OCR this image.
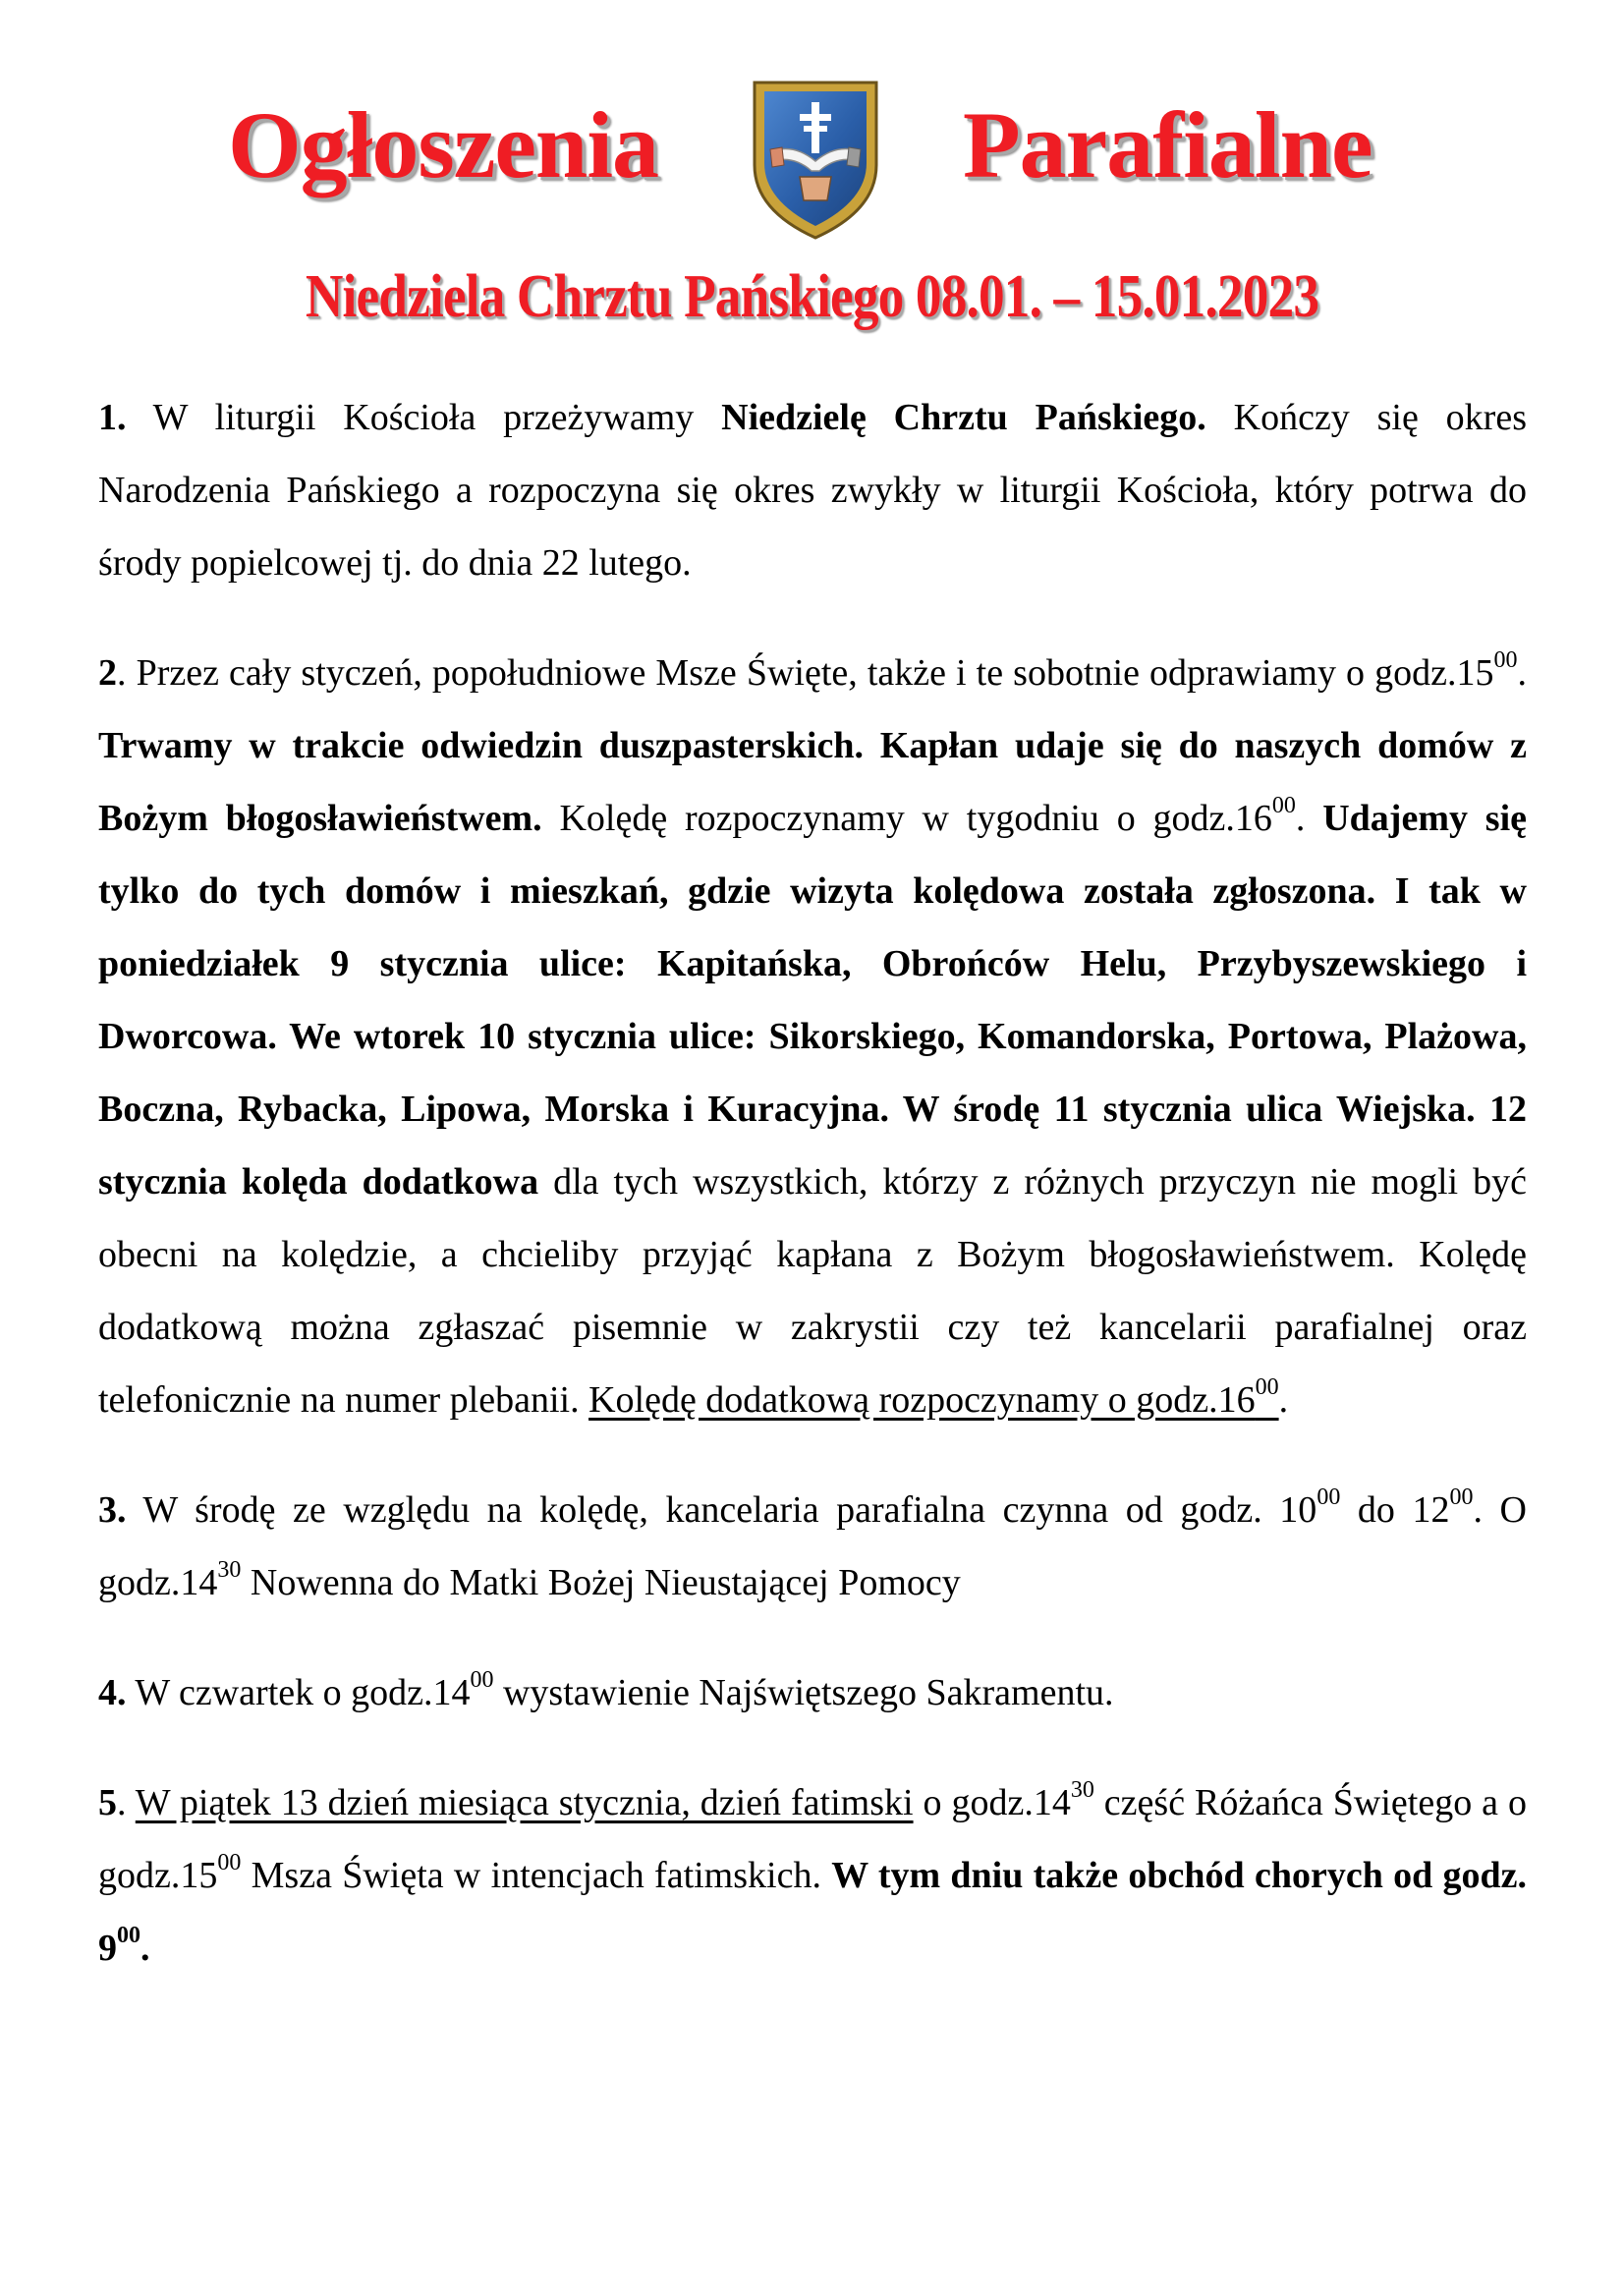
Ogłoszenia	Parafialne
Niedziela Chrztu Pańskiego 08.01. – 15.01.2023

1. W liturgii Kościoła przeżywamy Niedzielę Chrztu Pańskiego. Kończy się okres Narodzenia Pańskiego a rozpoczyna się okres zwykły w liturgii Kościoła, który potrwa do środy popielcowej tj. do dnia 22 lutego.

2. Przez cały styczeń, popołudniowe Msze Święte, także i te sobotnie odprawiamy o $godz.15^{00}$. Trwamy w trakcie odwiedzin duszpasterskich. Kapłan udaje się do naszych domów z Bożym błogosławieństwem. Kolędę rozpoczynamy w tygodniu o $godz.16^{00}$. Udajemy się tylko do tych domów i mieszkań, gdzie wizyta kolędowa została zgłoszona. I tak w poniedziałek 9 stycznia ulice: Kapitańska, Obrońców Helu, Przybyszewskiego i Dworcowa. We wtorek 10 stycznia ulice: Sikorskiego, Komandorska, Portowa, Plażowa, Boczna, Rybacka, Lipowa, Morska i Kuracyjna. W środę 11 stycznia ulica Wiejska. 12 stycznia kolęda dodatkowa dla tych wszystkich, którzy z różnych przyczyn nie mogli być obecni na kolędzie, a chcieliby przyjąć kapłana z Bożym błogosławieństwem. Kolędę dodatkową można zgłaszać pisemnie w zakrystii czy też kancelarii parafialnej oraz telefonicznie na numer plebanii. Kolędę dodatkową rozpoczynamy o $godz.16^{00}$.

3. W środę ze względu na kolędę, kancelaria parafialna czynna od godz. $10^{00}$ do $12^{00}$. O $godz.14^{30}$ Nowenna do Matki Bożej Nieustającej Pomocy

4. W czwartek o $godz.14^{00}$ wystawienie Najświętszego Sakramentu.

5. W piątek 13 dzień miesiąca stycznia, dzień fatimski o $godz.14^{30}$ część Różańca Świętego a o $godz.15^{00}$ Msza Święta w intencjach fatimskich. W tym dniu także obchód chorych od godz. $9^{00}$.
